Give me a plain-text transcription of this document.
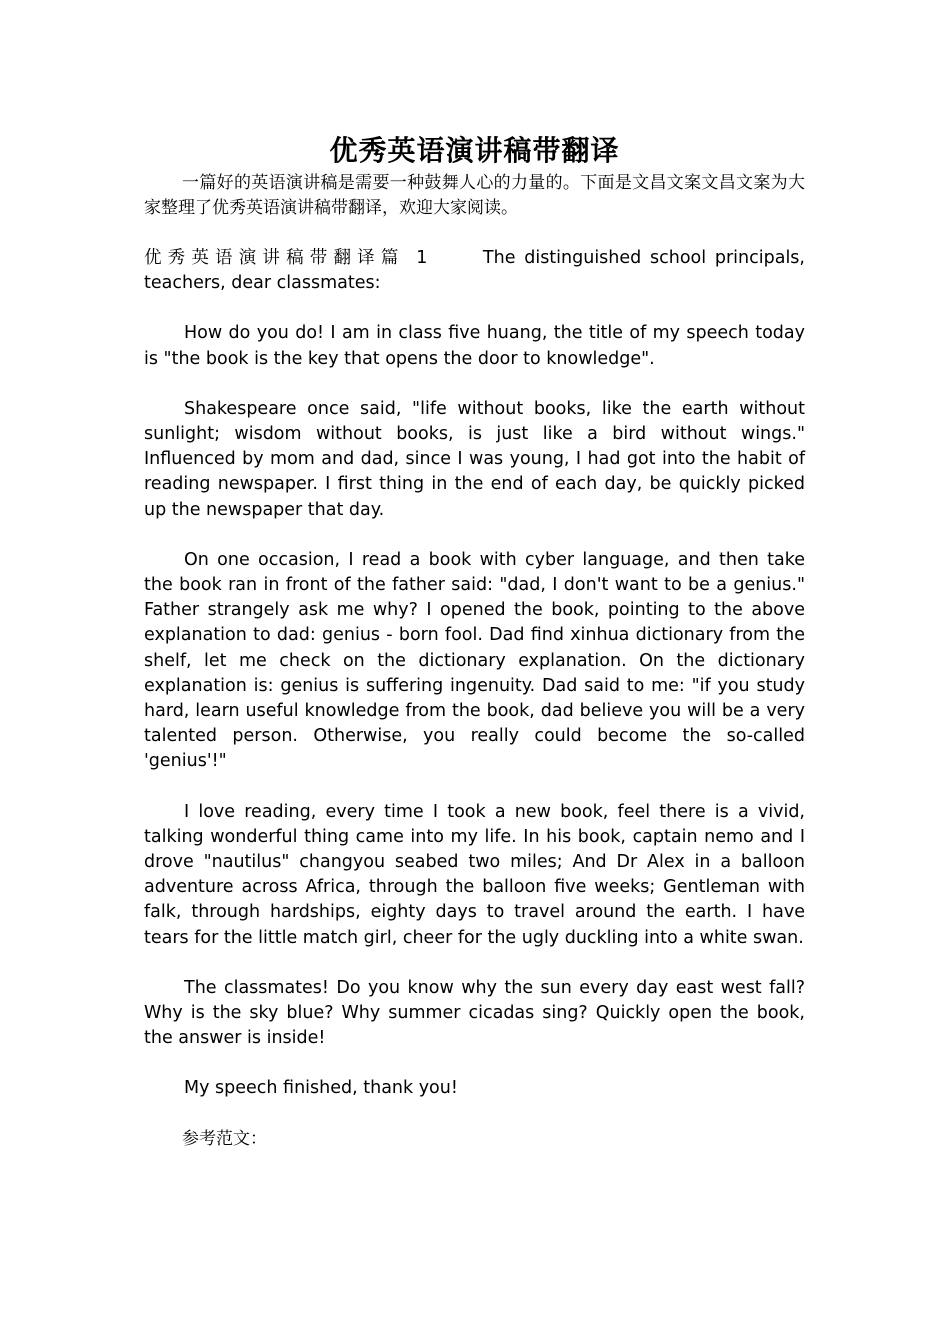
优秀英语演讲稿带翻译

一篇好的英语演讲稿是需要一种鼓舞人心的力量的。下面是文昌文案文昌文案为大家整理了优秀英语演讲稿带翻译，欢迎大家阅读。

优秀英语演讲稿带翻译篇 1	The distinguished school principals, teachers, dear classmates:

How do you do! I am in class five huang, the title of my speech today is "the book is the key that opens the door to knowledge".

Shakespeare once said, "life without books, like the earth without sunlight; wisdom without books, is just like a bird without wings." Influenced by mom and dad, since I was young, I had got into the habit of reading newspaper. I first thing in the end of each day, be quickly picked up the newspaper that day.

On one occasion, I read a book with cyber language, and then take the book ran in front of the father said: "dad, I don't want to be a genius." Father strangely ask me why? I opened the book, pointing to the above explanation to dad: genius - born fool. Dad find xinhua dictionary from the shelf, let me check on the dictionary explanation. On the dictionary explanation is: genius is suffering ingenuity. Dad said to me: "if you study hard, learn useful knowledge from the book, dad believe you will be a very talented person. Otherwise, you really could become the so-called 'genius'!"

I love reading, every time I took a new book, feel there is a vivid, talking wonderful thing came into my life. In his book, captain nemo and I drove "nautilus" changyou seabed two miles; And Dr Alex in a balloon adventure across Africa, through the balloon five weeks; Gentleman with falk, through hardships, eighty days to travel around the earth. I have tears for the little match girl, cheer for the ugly duckling into a white swan.

The classmates! Do you know why the sun every day east west fall? Why is the sky blue? Why summer cicadas sing? Quickly open the book, the answer is inside!

My speech finished, thank you!

参考范文：
